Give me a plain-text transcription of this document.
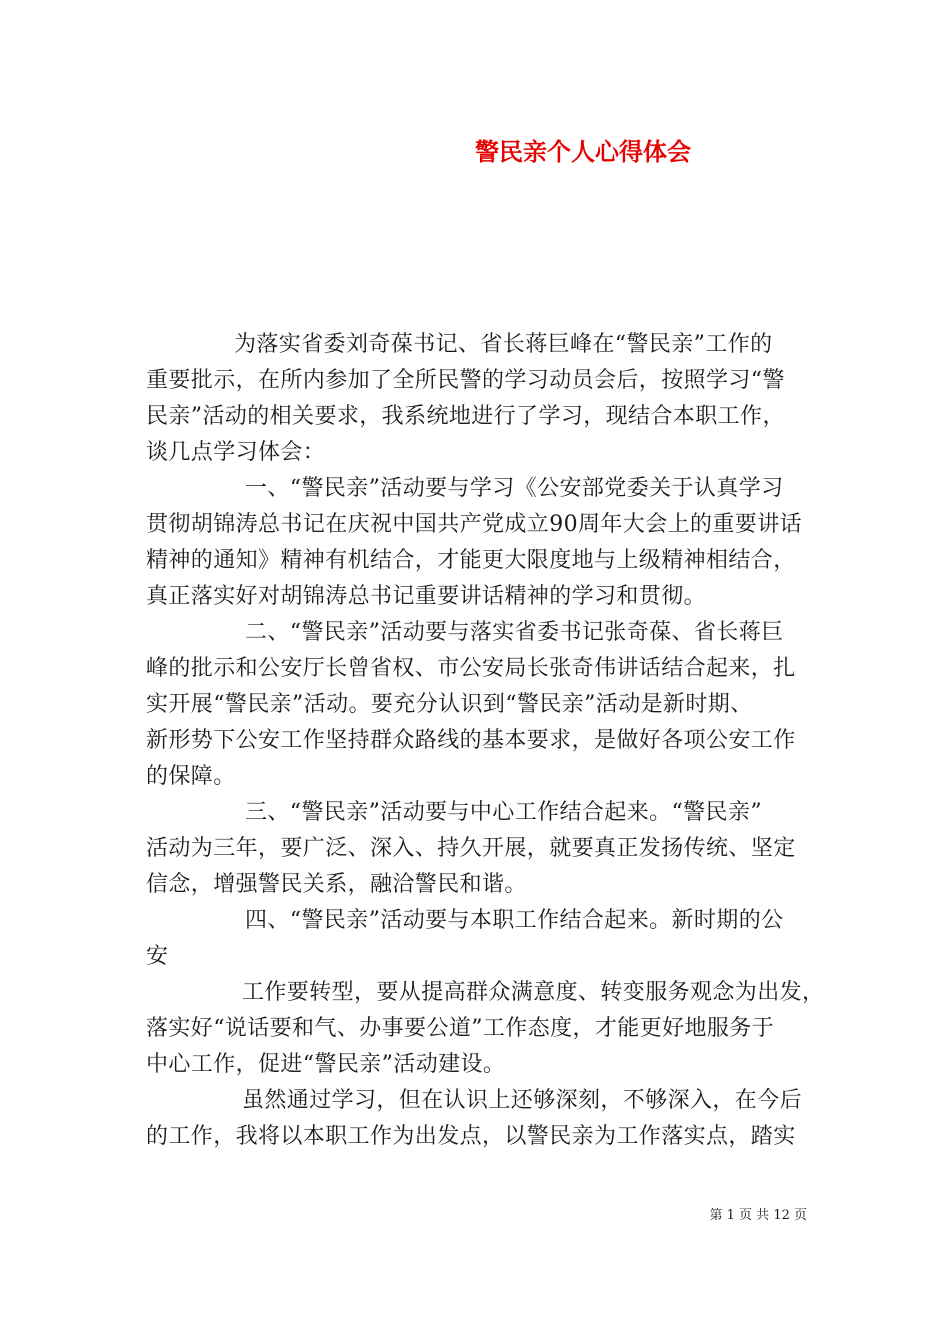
警民亲个人心得体会
为落实省委刘奇葆书记、省长蒋巨峰在“警民亲”工作的
重要批示，在所内参加了全所民警的学习动员会后，按照学习“警
民亲”活动的相关要求，我系统地进行了学习，现结合本职工作，
谈几点学习体会：
一、“警民亲”活动要与学习《公安部党委关于认真学习
贯彻胡锦涛总书记在庆祝中国共产党成立90周年大会上的重要讲话
精神的通知》精神有机结合，才能更大限度地与上级精神相结合，
真正落实好对胡锦涛总书记重要讲话精神的学习和贯彻。
二、“警民亲”活动要与落实省委书记张奇葆、省长蒋巨
峰的批示和公安厅长曾省权、市公安局长张奇伟讲话结合起来，扎
实开展“警民亲”活动。要充分认识到“警民亲”活动是新时期、
新形势下公安工作坚持群众路线的基本要求，是做好各项公安工作
的保障。
三、“警民亲”活动要与中心工作结合起来。“警民亲”
活动为三年，要广泛、深入、持久开展，就要真正发扬传统、坚定
信念，增强警民关系，融洽警民和谐。
四、“警民亲”活动要与本职工作结合起来。新时期的公
安
工作要转型，要从提高群众满意度、转变服务观念为出发，
落实好“说话要和气、办事要公道”工作态度，才能更好地服务于
中心工作，促进“警民亲”活动建设。
虽然通过学习，但在认识上还够深刻，不够深入，在今后
的工作，我将以本职工作为出发点，以警民亲为工作落实点，踏实
第 1 页 共 12 页
